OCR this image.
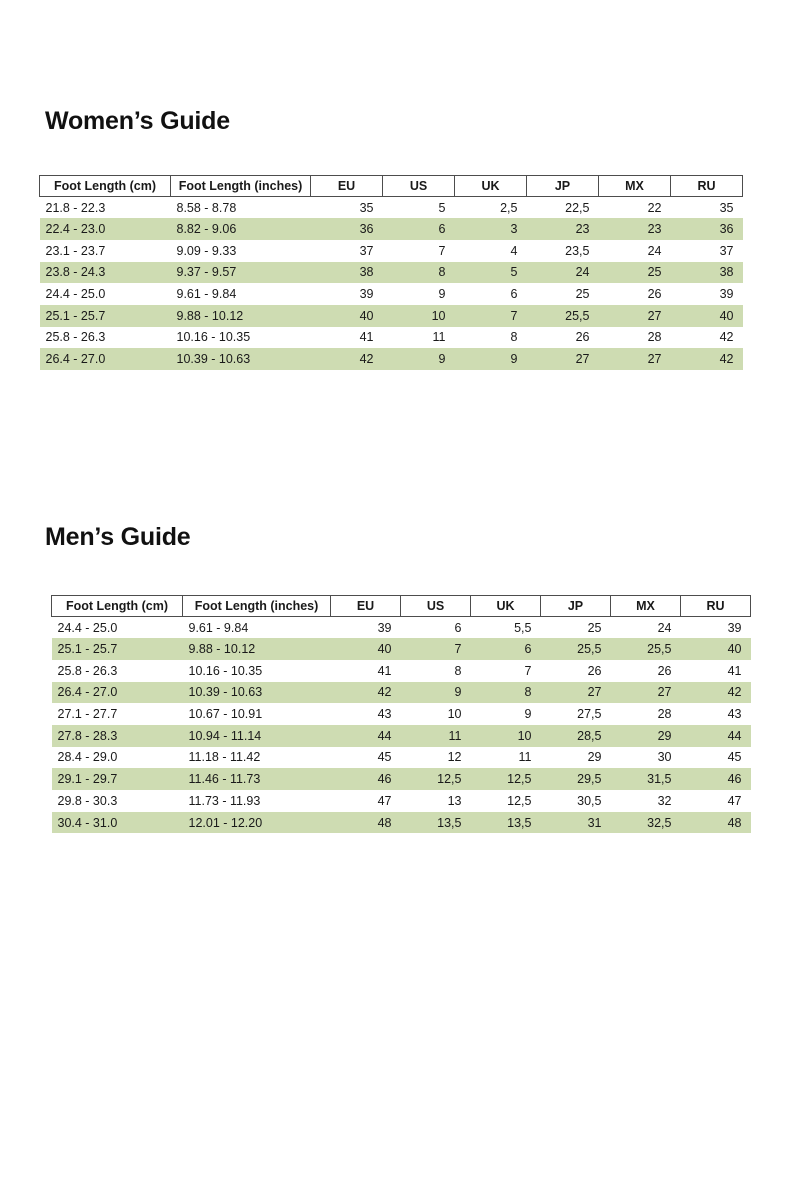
Women’s Guide
Foot Length (cm)	Foot Length (inches)	EU	US	UK	JP	MX	RU
21.8 - 22.3	8.58 - 8.78	35	5	2,5	22,5	22	35
22.4 - 23.0	8.82 - 9.06	36	6	3	23	23	36
23.1 - 23.7	9.09 - 9.33	37	7	4	23,5	24	37
23.8 - 24.3	9.37 - 9.57	38	8	5	24	25	38
24.4 - 25.0	9.61 - 9.84	39	9	6	25	26	39
25.1 - 25.7	9.88 - 10.12	40	10	7	25,5	27	40
25.8 - 26.3	10.16 - 10.35	41	11	8	26	28	42
26.4 - 27.0	10.39 - 10.63	42	9	9	27	27	42
Men’s Guide
Foot Length (cm)	Foot Length (inches)	EU	US	UK	JP	MX	RU
24.4 - 25.0	9.61 - 9.84	39	6	5,5	25	24	39
25.1 - 25.7	9.88 - 10.12	40	7	6	25,5	25,5	40
25.8 - 26.3	10.16 - 10.35	41	8	7	26	26	41
26.4 - 27.0	10.39 - 10.63	42	9	8	27	27	42
27.1 - 27.7	10.67 - 10.91	43	10	9	27,5	28	43
27.8 - 28.3	10.94 - 11.14	44	11	10	28,5	29	44
28.4 - 29.0	11.18 - 11.42	45	12	11	29	30	45
29.1 - 29.7	11.46 - 11.73	46	12,5	12,5	29,5	31,5	46
29.8 - 30.3	11.73 - 11.93	47	13	12,5	30,5	32	47
30.4 - 31.0	12.01 - 12.20	48	13,5	13,5	31	32,5	48
